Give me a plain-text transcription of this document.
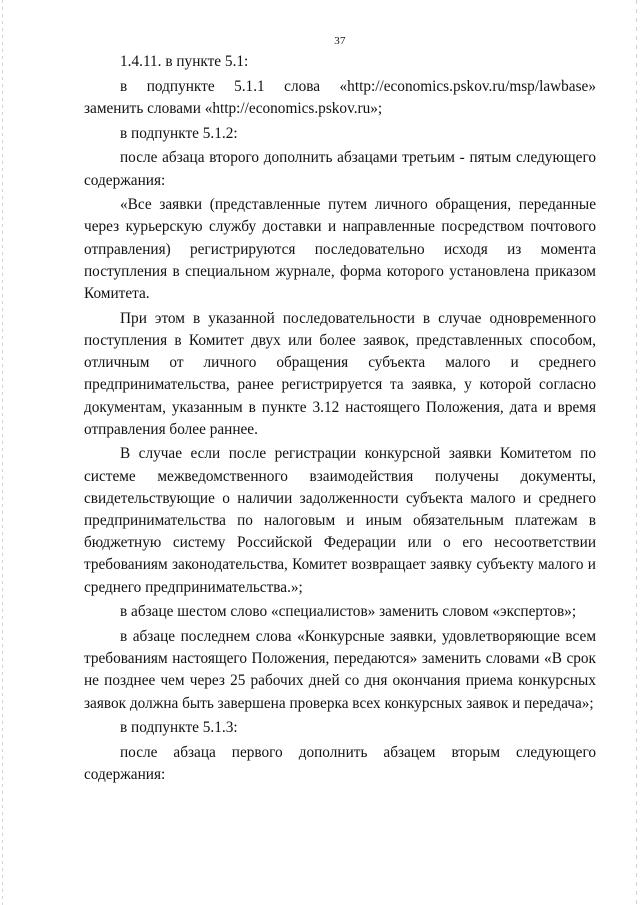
37

1.4.11. в пункте 5.1:

в подпункте 5.1.1 слова «http://economics.pskov.ru/msp/lawbase» заменить словами «http://economics.pskov.ru»;

в подпункте 5.1.2:

после абзаца второго дополнить абзацами третьим - пятым следующего содержания:

«Все заявки (представленные путем личного обращения, переданные через курьерскую службу доставки и направленные посредством почтового отправления) регистрируются последовательно исходя из момента поступления в специальном журнале, форма которого установлена приказом Комитета.

При этом в указанной последовательности в случае одновременного поступления в Комитет двух или более заявок, представленных способом, отличным от личного обращения субъекта малого и среднего предпринимательства, ранее регистрируется та заявка, у которой согласно документам, указанным в пункте 3.12 настоящего Положения, дата и время отправления более раннее.

В случае если после регистрации конкурсной заявки Комитетом по системе межведомственного взаимодействия получены документы, свидетельствующие о наличии задолженности субъекта малого и среднего предпринимательства по налоговым и иным обязательным платежам в бюджетную систему Российской Федерации или о его несоответствии требованиям законодательства, Комитет возвращает заявку субъекту малого и среднего предпринимательства.»;

в абзаце шестом слово «специалистов» заменить словом «экспертов»;

в абзаце последнем слова «Конкурсные заявки, удовлетворяющие всем требованиям настоящего Положения, передаются» заменить словами «В срок не позднее чем через 25 рабочих дней со дня окончания приема конкурсных заявок должна быть завершена проверка всех конкурсных заявок и передача»;

в подпункте 5.1.3:

после абзаца первого дополнить абзацем вторым следующего содержания:
